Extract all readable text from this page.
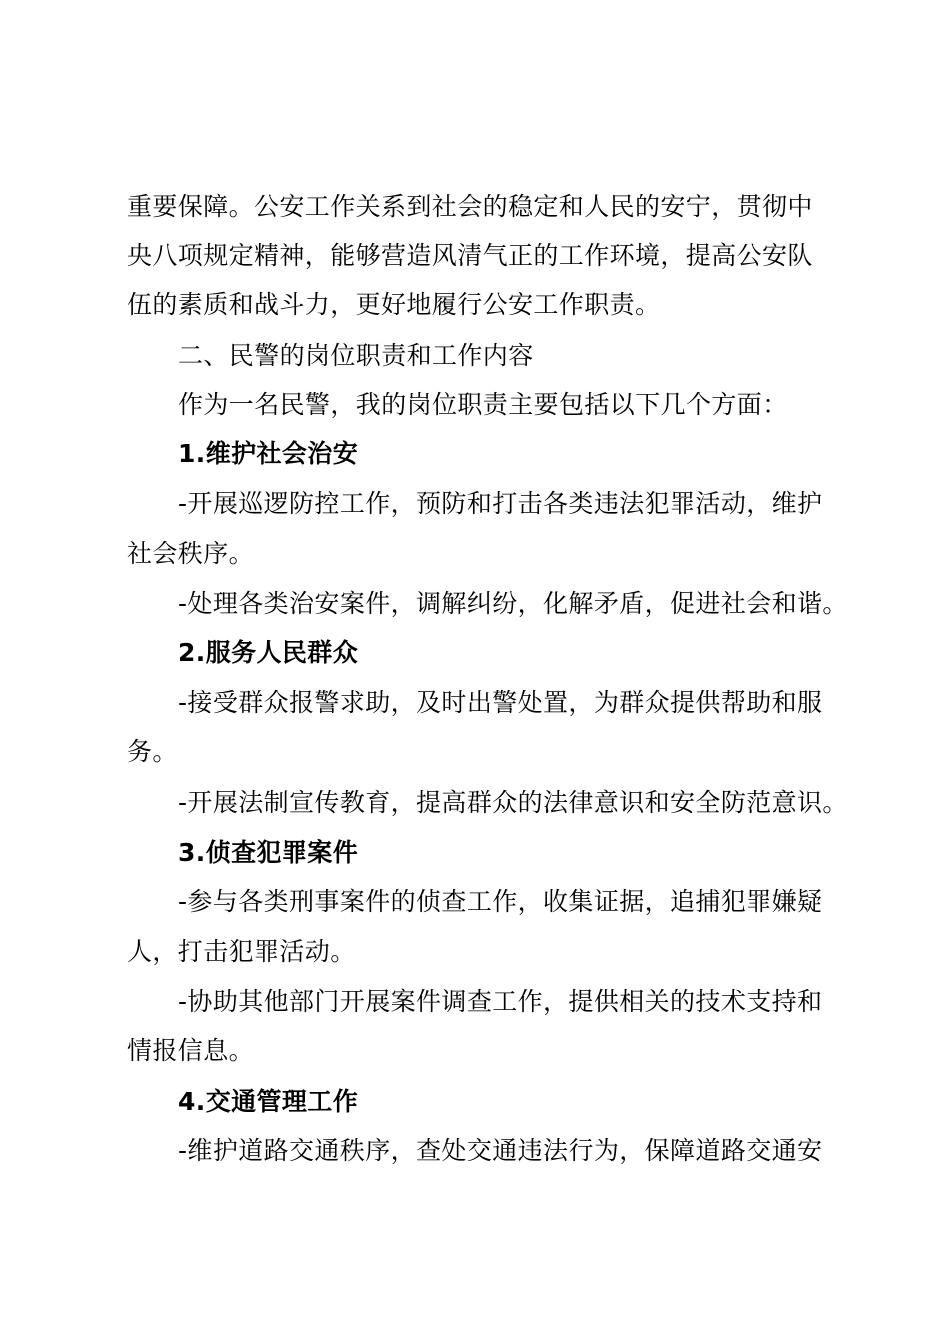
重要保障。公安工作关系到社会的稳定和人民的安宁，贯彻中
央八项规定精神，能够营造风清气正的工作环境，提高公安队
伍的素质和战斗力，更好地履行公安工作职责。
二、民警的岗位职责和工作内容
作为一名民警，我的岗位职责主要包括以下几个方面：
1.维护社会治安
-开展巡逻防控工作，预防和打击各类违法犯罪活动，维护
社会秩序。
-处理各类治安案件，调解纠纷，化解矛盾，促进社会和谐。
2.服务人民群众
-接受群众报警求助，及时出警处置，为群众提供帮助和服
务。
-开展法制宣传教育，提高群众的法律意识和安全防范意识。
3.侦查犯罪案件
-参与各类刑事案件的侦查工作，收集证据，追捕犯罪嫌疑
人，打击犯罪活动。
-协助其他部门开展案件调查工作，提供相关的技术支持和
情报信息。
4.交通管理工作
-维护道路交通秩序，查处交通违法行为，保障道路交通安
